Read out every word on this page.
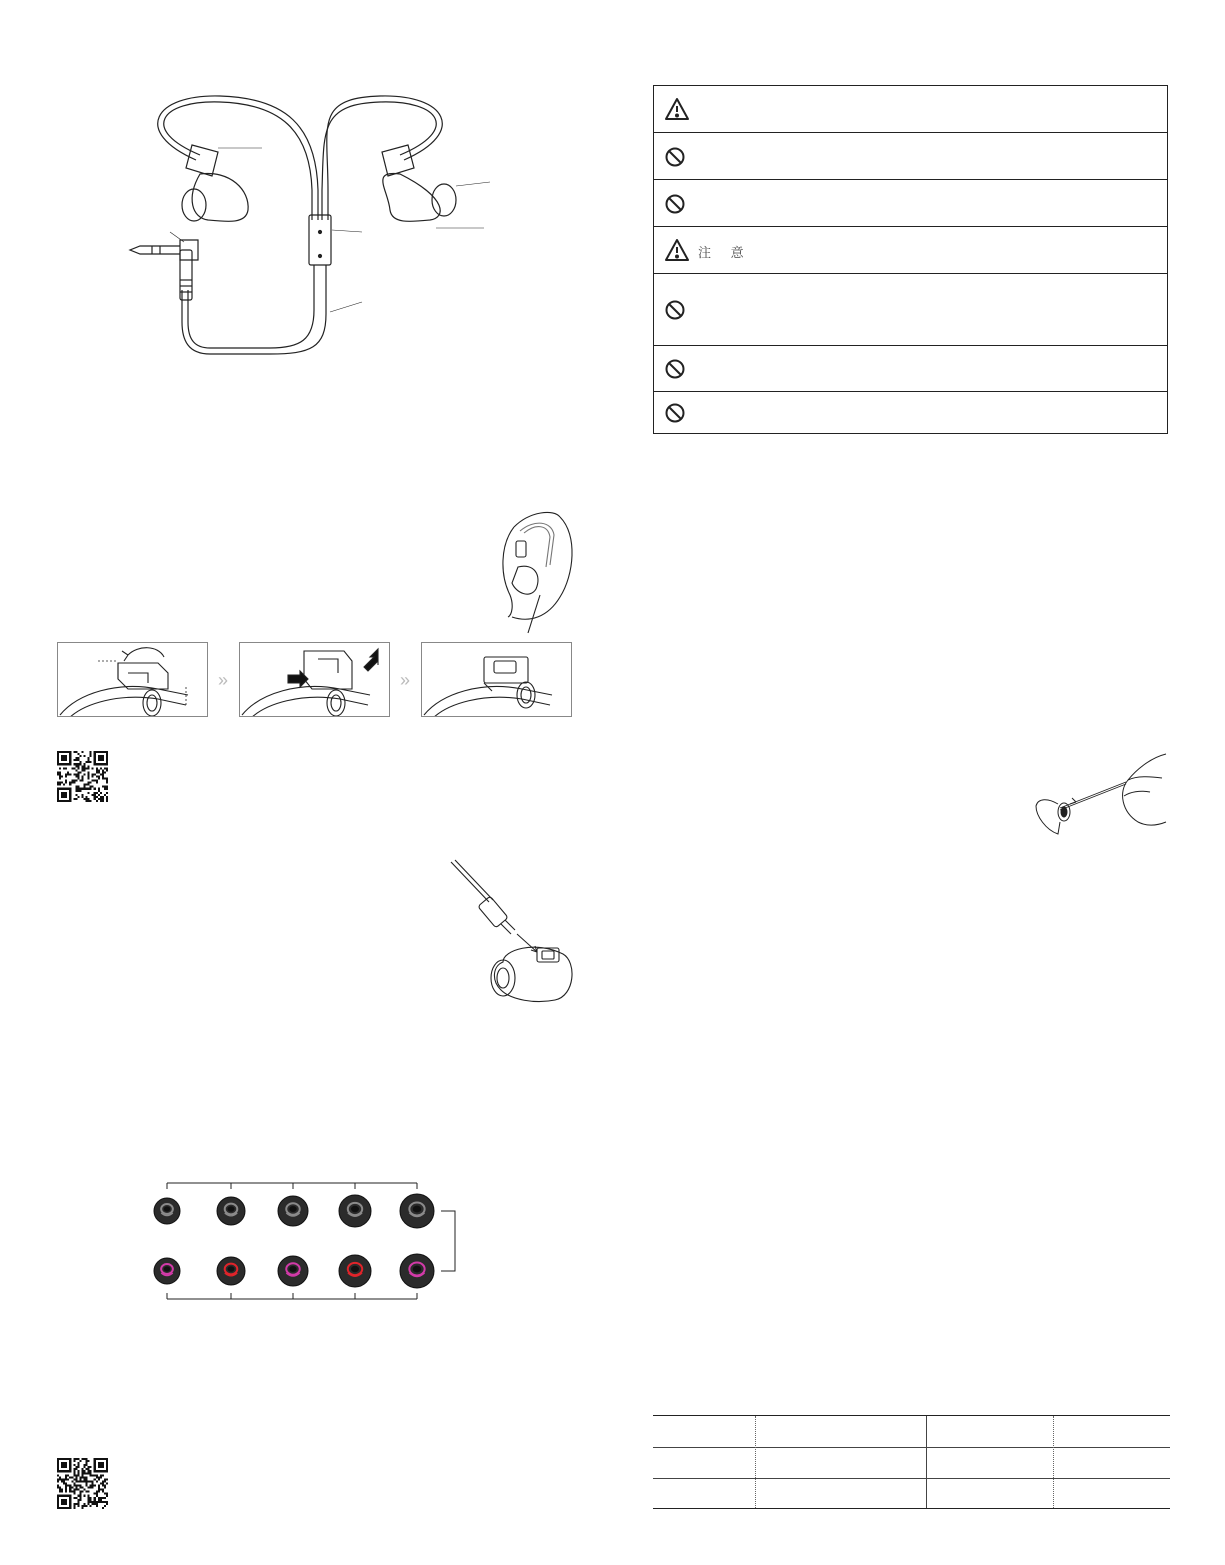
»	»
注 意
